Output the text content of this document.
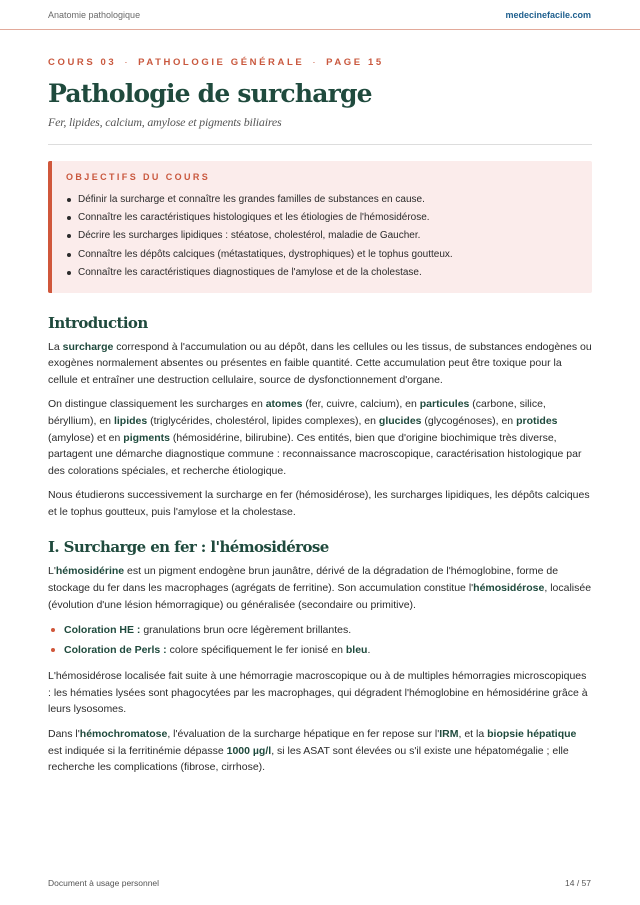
Anatomie pathologique	medecinefacile.com
COURS 03 · PATHOLOGIE GÉNÉRALE · PAGE 15
Pathologie de surcharge
Fer, lipides, calcium, amylose et pigments biliaires
OBJECTIFS DU COURS
Définir la surcharge et connaître les grandes familles de substances en cause.
Connaître les caractéristiques histologiques et les étiologies de l'hémosidérose.
Décrire les surcharges lipidiques : stéatose, cholestérol, maladie de Gaucher.
Connaître les dépôts calciques (métastatiques, dystrophiques) et le tophus goutteux.
Connaître les caractéristiques diagnostiques de l'amylose et de la cholestase.
Introduction

La surcharge correspond à l'accumulation ou au dépôt, dans les cellules ou les tissus, de substances endogènes ou exogènes normalement absentes ou présentes en faible quantité. Cette accumulation peut être toxique pour la cellule et entraîner une destruction cellulaire, source de dysfonctionnement d'organe.

On distingue classiquement les surcharges en atomes (fer, cuivre, calcium), en particules (carbone, silice, béryllium), en lipides (triglycérides, cholestérol, lipides complexes), en glucides (glycogénoses), en protides (amylose) et en pigments (hémosidérine, bilirubine). Ces entités, bien que d'origine biochimique très diverse, partagent une démarche diagnostique commune : reconnaissance macroscopique, caractérisation histologique par des colorations spéciales, et recherche étiologique.

Nous étudierons successivement la surcharge en fer (hémosidérose), les surcharges lipidiques, les dépôts calciques et le tophus goutteux, puis l'amylose et la cholestase.

I. Surcharge en fer : l'hémosidérose

L'hémosidérine est un pigment endogène brun jaunâtre, dérivé de la dégradation de l'hémoglobine, forme de stockage du fer dans les macrophages (agrégats de ferritine). Son accumulation constitue l'hémosidérose, localisée (évolution d'une lésion hémorragique) ou généralisée (secondaire ou primitive).

Coloration HE : granulations brun ocre légèrement brillantes.
Coloration de Perls : colore spécifiquement le fer ionisé en bleu.

L'hémosidérose localisée fait suite à une hémorragie macroscopique ou à de multiples hémorragies microscopiques : les hématies lysées sont phagocytées par les macrophages, qui dégradent l'hémoglobine en hémosidérine grâce à leurs lysosomes.

Dans l'hémochromatose, l'évaluation de la surcharge hépatique en fer repose sur l'IRM, et la biopsie hépatique est indiquée si la ferritinémie dépasse 1000 µg/l, si les ASAT sont élevées ou s'il existe une hépatomégalie ; elle recherche les complications (fibrose, cirrhose).

Document à usage personnel	14 / 57
